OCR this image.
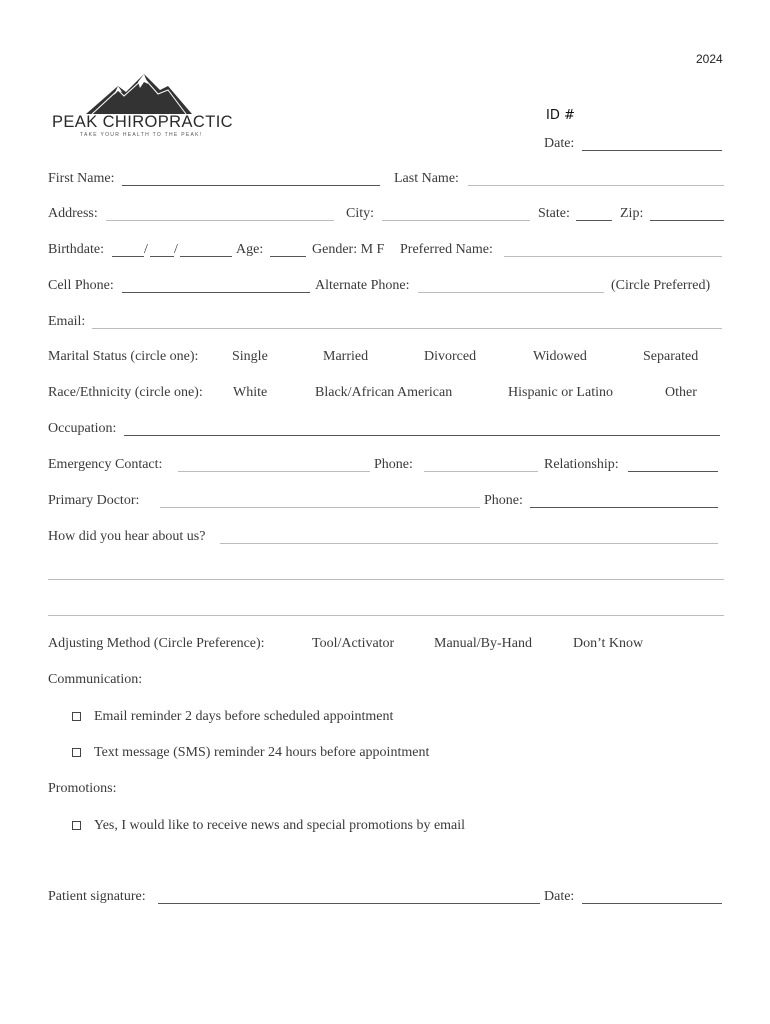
2024
PEAK CHIROPRACTIC
TAKE YOUR HEALTH TO THE PEAK!
ID #
Date:
First Name:	Last Name:
Address:	City:	State:	Zip:
Birthdate:	/ /	Age:	Gender: M F Preferred Name:
Cell Phone:	Alternate Phone:	(Circle Preferred)
Email:
Marital Status (circle one): Single	Married	Divorced	Widowed	Separated
Race/Ethnicity (circle one): White	Black/African American	Hispanic or Latino	Other
Occupation:
Emergency Contact:	Phone:	Relationship:
Primary Doctor:	Phone:
How did you hear about us?
Adjusting Method (Circle Preference):	Tool/Activator	Manual/By-Hand	Don’t Know
Communication:
Email reminder 2 days before scheduled appointment
Text message (SMS) reminder 24 hours before appointment
Promotions:
Yes, I would like to receive news and special promotions by email
Patient signature:	Date:
